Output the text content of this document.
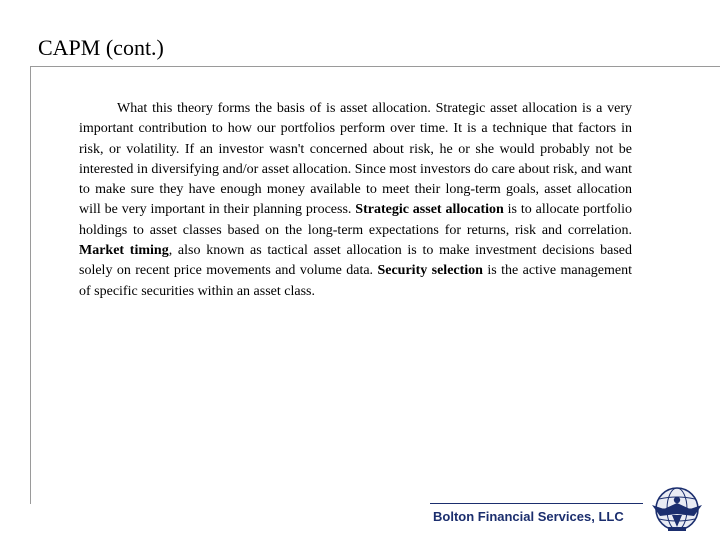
CAPM (cont.)

What this theory forms the basis of is asset allocation. Strategic asset allocation is a very important contribution to how our portfolios perform over time. It is a technique that factors in risk, or volatility. If an investor wasn't concerned about risk, he or she would probably not be interested in diversifying and/or asset allocation. Since most investors do care about risk, and want to make sure they have enough money available to meet their long-term goals, asset allocation will be very important in their planning process. Strategic asset allocation is to allocate portfolio holdings to asset classes based on the long-term expectations for returns, risk and correlation. Market timing, also known as tactical asset allocation is to make investment decisions based solely on recent price movements and volume data. Security selection is the active management of specific securities within an asset class.

Bolton Financial Services, LLC
